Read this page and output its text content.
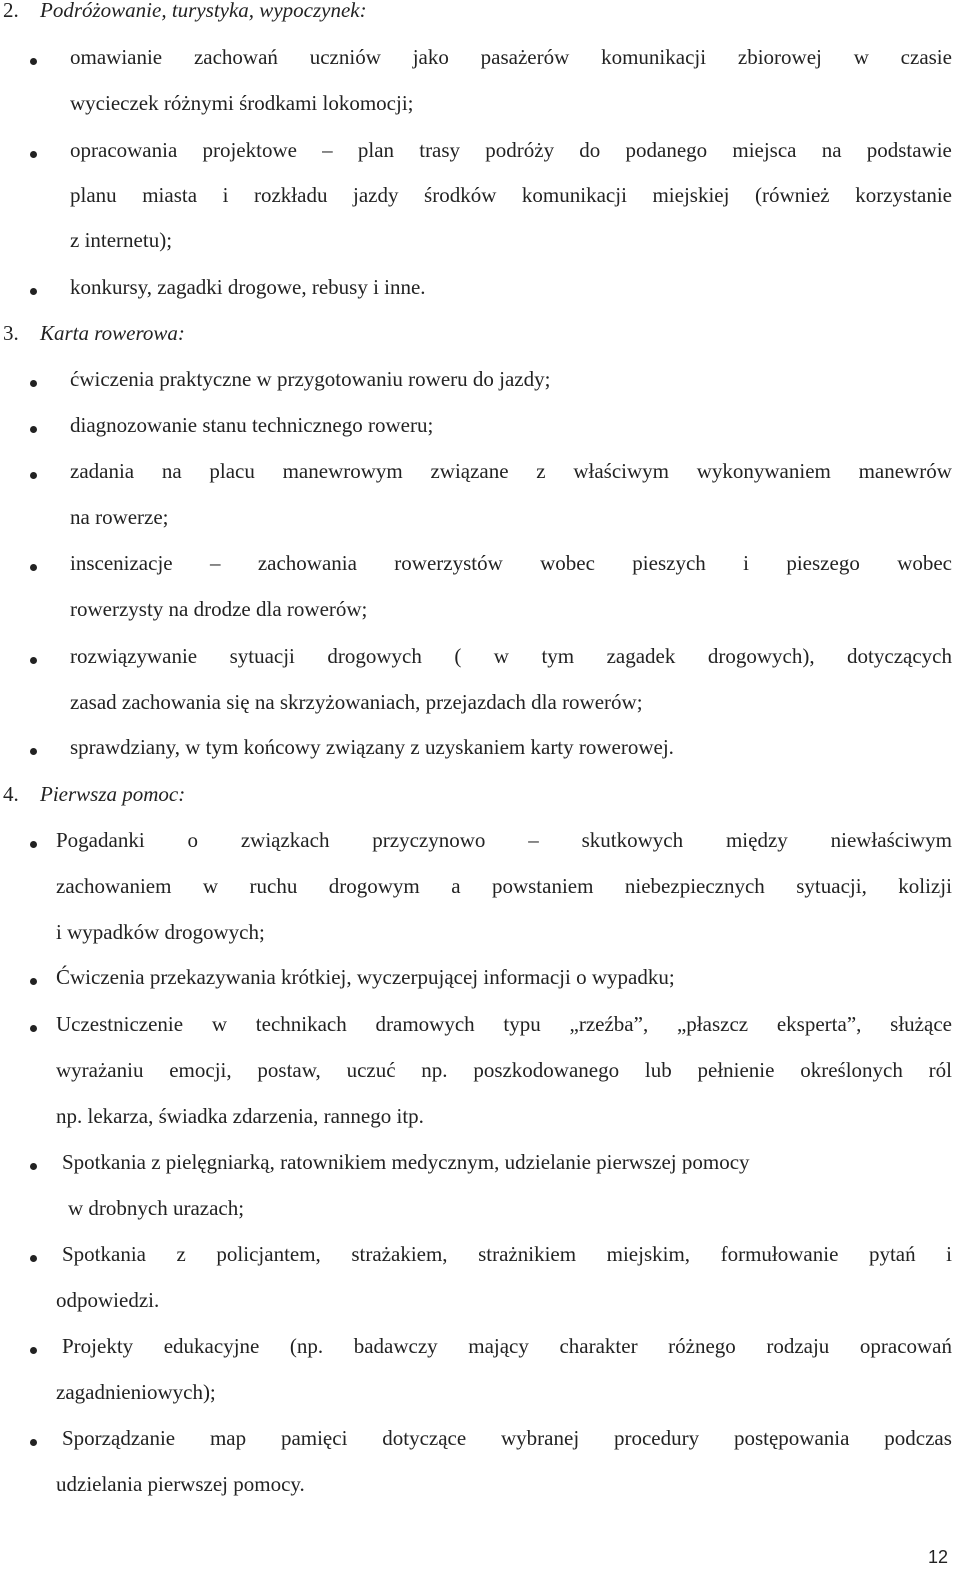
2. Podróżowanie, turystyka, wypoczynek:
omawianie zachowań uczniów jako pasażerów komunikacji zbiorowej w czasie
wycieczek różnymi środkami lokomocji;
opracowania projektowe – plan trasy podróży do podanego miejsca na podstawie
planu miasta i rozkładu jazdy środków komunikacji miejskiej (również korzystanie
z internetu);
konkursy, zagadki drogowe, rebusy i inne.
3. Karta rowerowa:
ćwiczenia praktyczne w przygotowaniu roweru do jazdy;
diagnozowanie stanu technicznego roweru;
zadania na placu manewrowym związane z właściwym wykonywaniem manewrów
na rowerze;
inscenizacje – zachowania rowerzystów wobec pieszych i pieszego wobec
rowerzysty na drodze dla rowerów;
rozwiązywanie sytuacji drogowych ( w tym zagadek drogowych), dotyczących
zasad zachowania się na skrzyżowaniach, przejazdach dla rowerów;
sprawdziany, w tym końcowy związany z uzyskaniem karty rowerowej.
4. Pierwsza pomoc:
Pogadanki o związkach przyczynowo – skutkowych między niewłaściwym
zachowaniem w ruchu drogowym a powstaniem niebezpiecznych sytuacji, kolizji
i wypadków drogowych;
Ćwiczenia przekazywania krótkiej, wyczerpującej informacji o wypadku;
Uczestniczenie w technikach dramowych typu „rzeźba”, „płaszcz eksperta”, służące
wyrażaniu emocji, postaw, uczuć np. poszkodowanego lub pełnienie określonych ról
np. lekarza, świadka zdarzenia, rannego itp.
Spotkania z pielęgniarką, ratownikiem medycznym, udzielanie pierwszej pomocy
w drobnych urazach;
Spotkania z policjantem, strażakiem, strażnikiem miejskim, formułowanie pytań i
odpowiedzi.
Projekty edukacyjne (np. badawczy mający charakter różnego rodzaju opracowań
zagadnieniowych);
Sporządzanie map pamięci dotyczące wybranej procedury postępowania podczas
udzielania pierwszej pomocy.
12
